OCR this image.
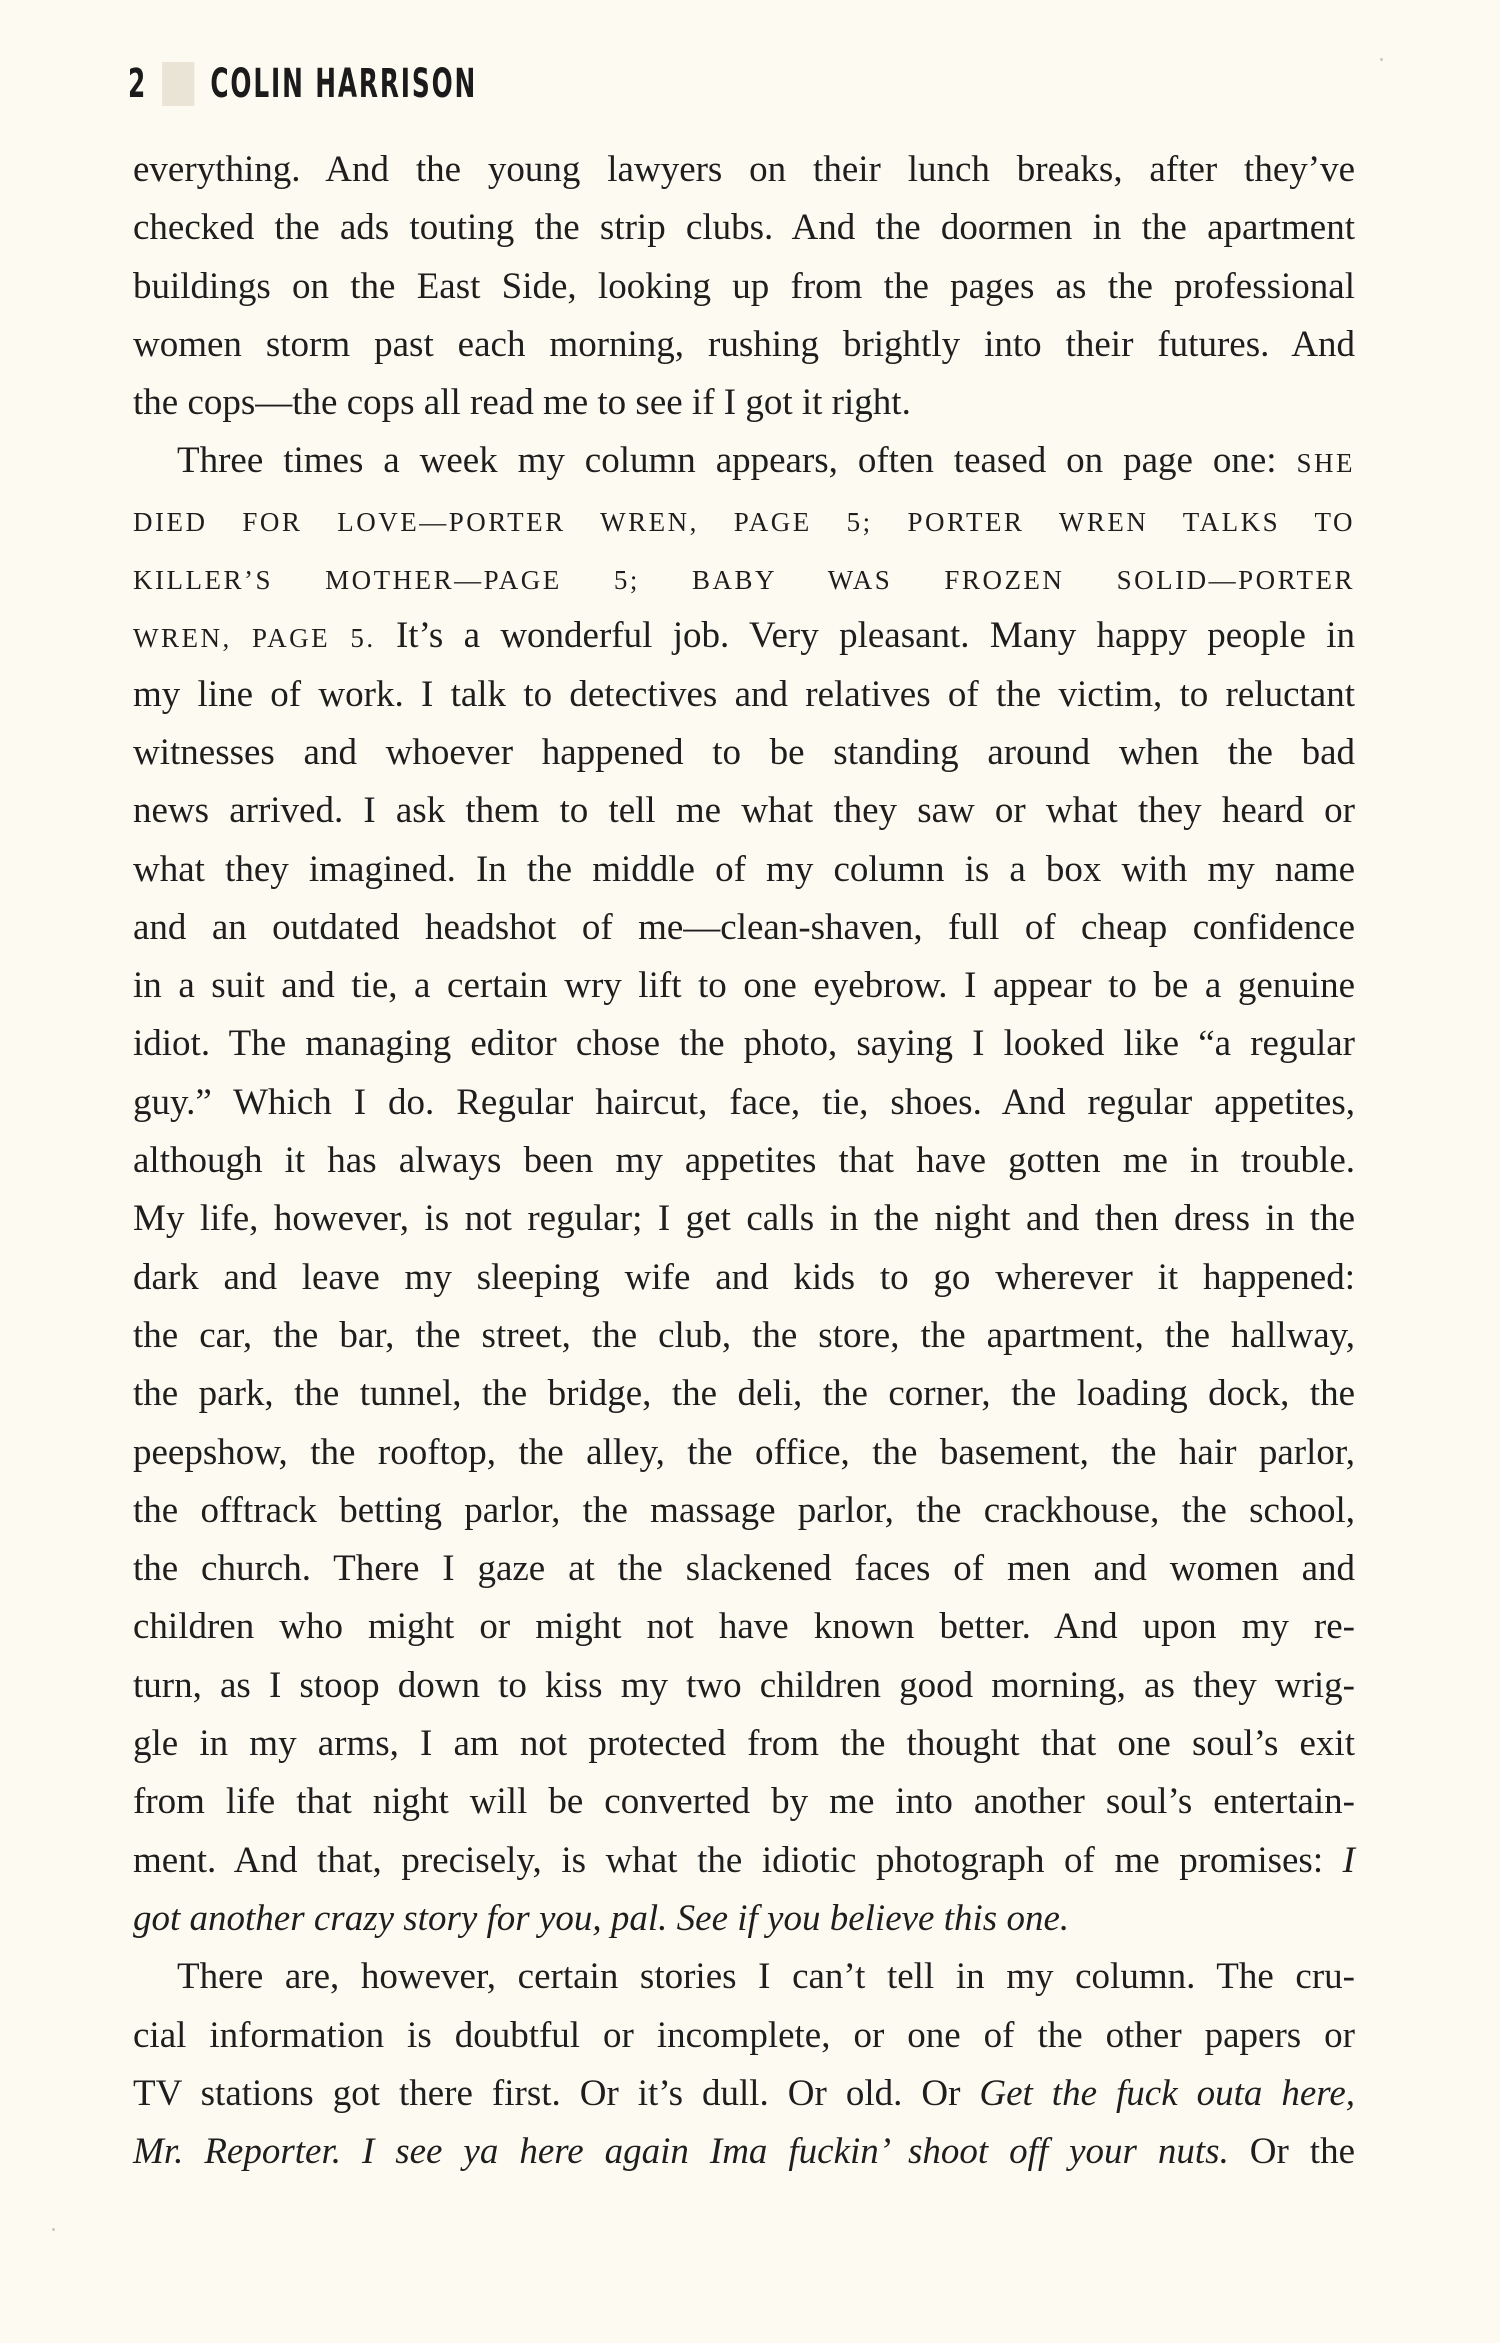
2 COLIN HARRISON
everything. And the young lawyers on their lunch breaks, after they’ve
checked the ads touting the strip clubs. And the doormen in the apartment
buildings on the East Side, looking up from the pages as the professional
women storm past each morning, rushing brightly into their futures. And
the cops—the cops all read me to see if I got it right.
Three times a week my column appears, often teased on page one: SHE
DIED FOR LOVE—PORTER WREN, PAGE 5; PORTER WREN TALKS TO
KILLER’S MOTHER—PAGE 5; BABY WAS FROZEN SOLID—PORTER
WREN, PAGE 5. It’s a wonderful job. Very pleasant. Many happy people in
my line of work. I talk to detectives and relatives of the victim, to reluctant
witnesses and whoever happened to be standing around when the bad
news arrived. I ask them to tell me what they saw or what they heard or
what they imagined. In the middle of my column is a box with my name
and an outdated headshot of me—clean-shaven, full of cheap confidence
in a suit and tie, a certain wry lift to one eyebrow. I appear to be a genuine
idiot. The managing editor chose the photo, saying I looked like “a regular
guy.” Which I do. Regular haircut, face, tie, shoes. And regular appetites,
although it has always been my appetites that have gotten me in trouble.
My life, however, is not regular; I get calls in the night and then dress in the
dark and leave my sleeping wife and kids to go wherever it happened:
the car, the bar, the street, the club, the store, the apartment, the hallway,
the park, the tunnel, the bridge, the deli, the corner, the loading dock, the
peepshow, the rooftop, the alley, the office, the basement, the hair parlor,
the offtrack betting parlor, the massage parlor, the crackhouse, the school,
the church. There I gaze at the slackened faces of men and women and
children who might or might not have known better. And upon my re-
turn, as I stoop down to kiss my two children good morning, as they wrig-
gle in my arms, I am not protected from the thought that one soul’s exit
from life that night will be converted by me into another soul’s entertain-
ment. And that, precisely, is what the idiotic photograph of me promises: I
got another crazy story for you, pal. See if you believe this one.
There are, however, certain stories I can’t tell in my column. The cru-
cial information is doubtful or incomplete, or one of the other papers or
TV stations got there first. Or it’s dull. Or old. Or Get the fuck outa here,
Mr. Reporter. I see ya here again Ima fuckin’ shoot off your nuts. Or the
